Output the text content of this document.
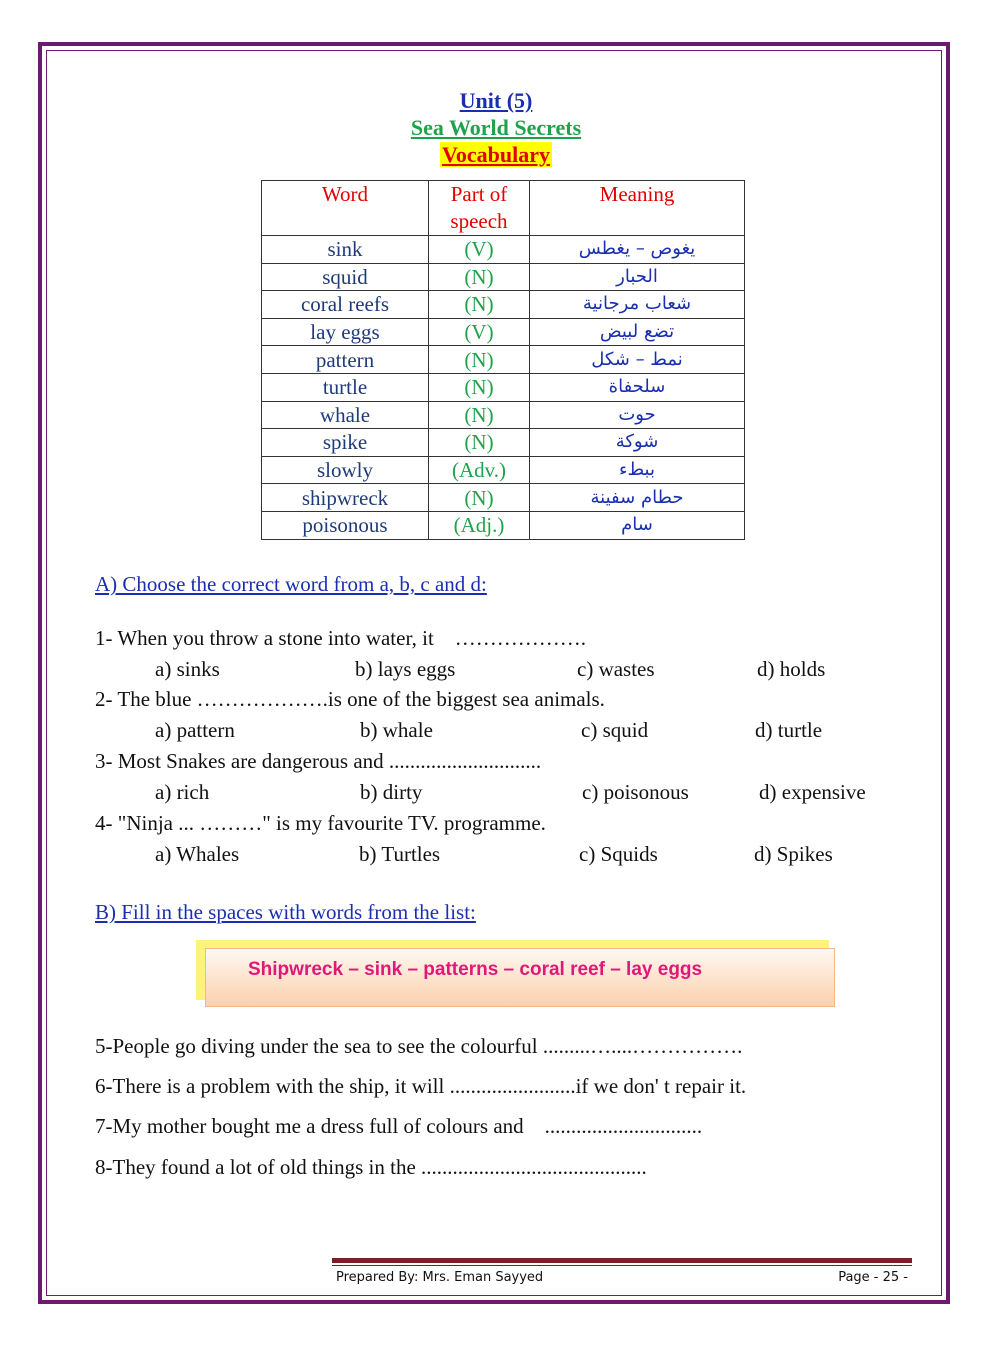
Unit (5)
Sea World Secrets
Vocabulary
Word	Part of speech	Meaning
sink	(V)	يغوص – يغطس
squid	(N)	الحبار
coral reefs	(N)	شعاب مرجانية
lay eggs	(V)	تضع لبيض
pattern	(N)	نمط – شكل
turtle	(N)	سلحفاة
whale	(N)	حوت
spike	(N)	شوكة
slowly	(Adv.)	ببطء
shipwreck	(N)	حطام سفينة
poisonous	(Adj.)	سام
A) Choose the correct word from a, b, c and d:
1- When you throw a stone into water, it    ……………….
a) sinks	b) lays eggs	c) wastes	d) holds
2- The blue ……………….is one of the biggest sea animals.
a) pattern	b) whale	c) squid	d) turtle
3- Most Snakes are dangerous and .............................
a) rich	b) dirty	c) poisonous	d) expensive
4- "Ninja ... ………" is my favourite TV. programme.
a) Whales	b) Turtles	c) Squids	d) Spikes
B) Fill in the spaces with words from the list:
Shipwreck – sink – patterns – coral reef – lay eggs
5-People go diving under the sea to see the colourful .........…....…………….
6-There is a problem with the ship, it will ........................if we don' t repair it.
7-My mother bought me a dress full of colours and    ..............................
8-They found a lot of old things in the ...........................................
Prepared By: Mrs. Eman Sayyed	Page - 25 -
